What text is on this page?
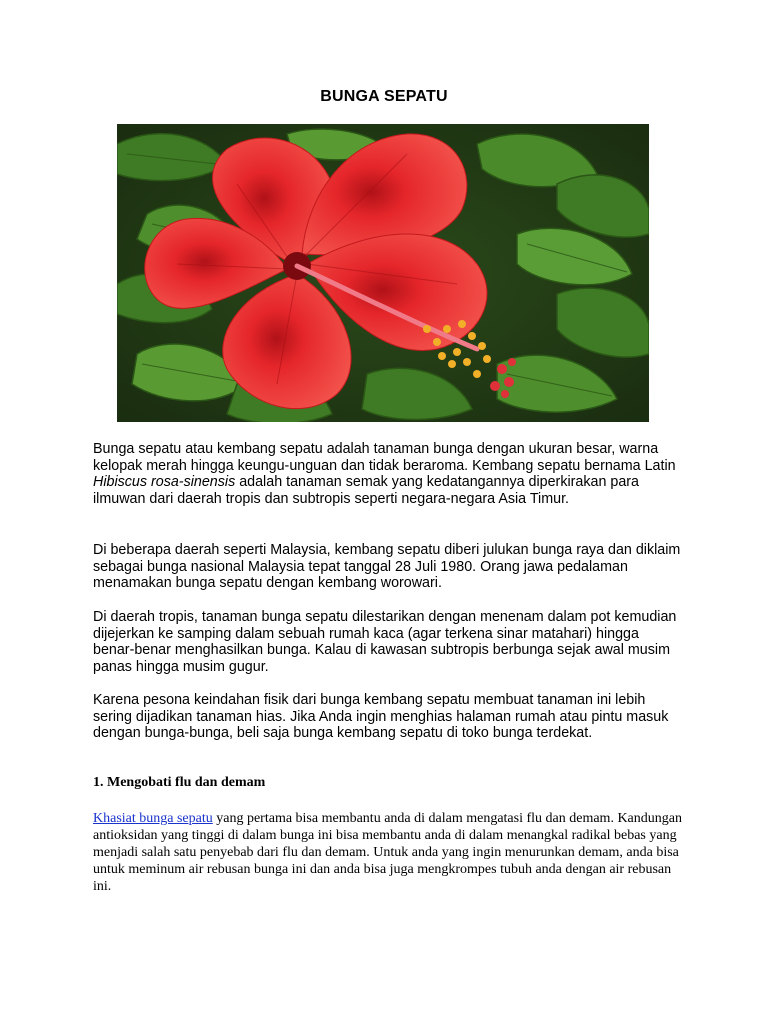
BUNGA SEPATU

Bunga sepatu atau kembang sepatu adalah tanaman bunga dengan ukuran besar, warna kelopak merah hingga keungu-unguan dan tidak beraroma. Kembang sepatu bernama Latin Hibiscus rosa-sinensis adalah tanaman semak yang kedatangannya diperkirakan para ilmuwan dari daerah tropis dan subtropis seperti negara-negara Asia Timur.

Di beberapa daerah seperti Malaysia, kembang sepatu diberi julukan bunga raya dan diklaim sebagai bunga nasional Malaysia tepat tanggal 28 Juli 1980. Orang jawa pedalaman menamakan bunga sepatu dengan kembang worowari.

Di daerah tropis, tanaman bunga sepatu dilestarikan dengan menenam dalam pot kemudian dijejerkan ke samping dalam sebuah rumah kaca (agar terkena sinar matahari) hingga benar-benar menghasilkan bunga. Kalau di kawasan subtropis berbunga sejak awal musim panas hingga musim gugur.

Karena pesona keindahan fisik dari bunga kembang sepatu membuat tanaman ini lebih sering dijadikan tanaman hias. Jika Anda ingin menghias halaman rumah atau pintu masuk dengan bunga-bunga, beli saja bunga kembang sepatu di toko bunga terdekat.

1. Mengobati flu dan demam

Khasiat bunga sepatu yang pertama bisa membantu anda di dalam mengatasi flu dan demam. Kandungan antioksidan yang tinggi di dalam bunga ini bisa membantu anda di dalam menangkal radikal bebas yang menjadi salah satu penyebab dari flu dan demam. Untuk anda yang ingin menurunkan demam, anda bisa untuk meminum air rebusan bunga ini dan anda bisa juga mengkrompes tubuh anda dengan air rebusan ini.
